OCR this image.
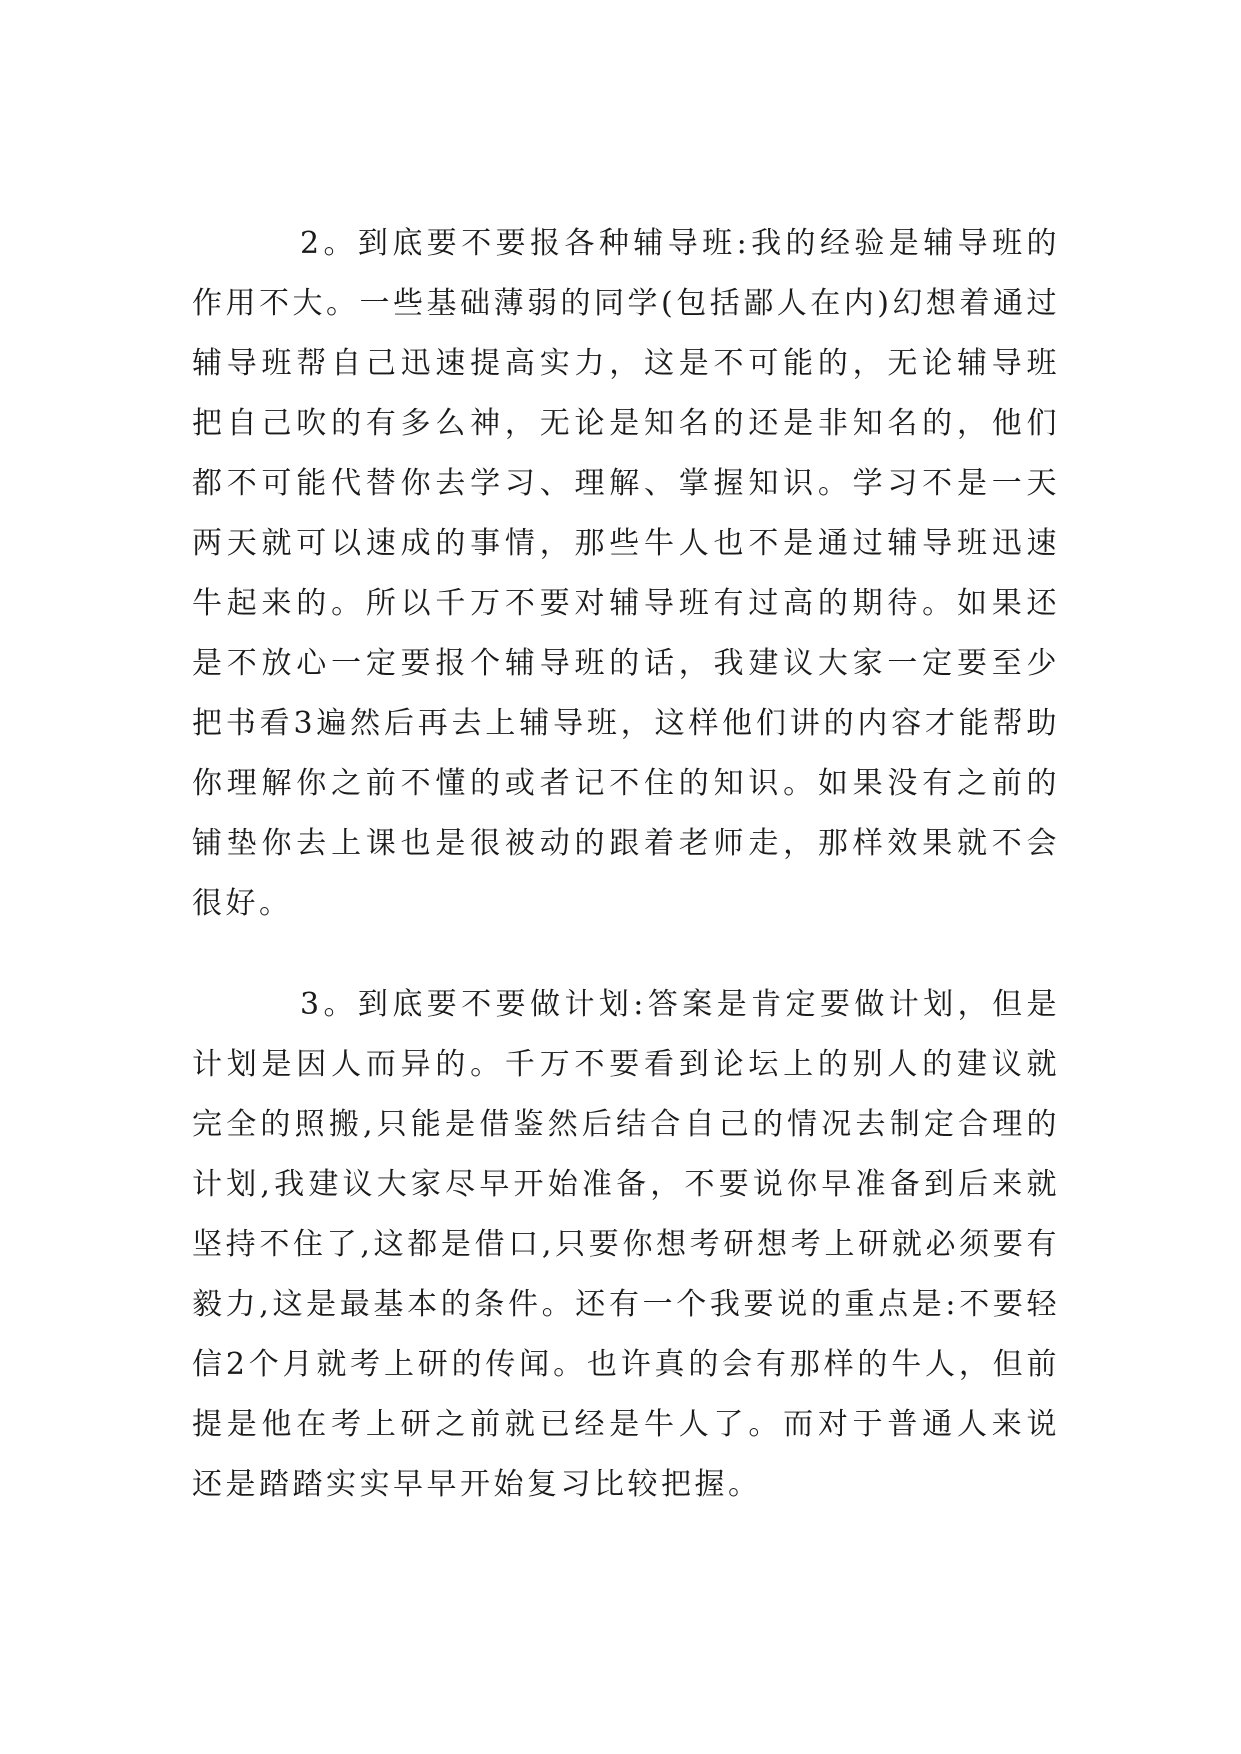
2。到底要不要报各种辅导班:我的经验是辅导班的作用不大。一些基础薄弱的同学(包括鄙人在内)幻想着通过辅导班帮自己迅速提高实力，这是不可能的，无论辅导班把自己吹的有多么神，无论是知名的还是非知名的，他们都不可能代替你去学习、理解、掌握知识。学习不是一天两天就可以速成的事情，那些牛人也不是通过辅导班迅速牛起来的。所以千万不要对辅导班有过高的期待。如果还是不放心一定要报个辅导班的话，我建议大家一定要至少把书看3遍然后再去上辅导班，这样他们讲的内容才能帮助你理解你之前不懂的或者记不住的知识。如果没有之前的铺垫你去上课也是很被动的跟着老师走，那样效果就不会很好。

3。到底要不要做计划:答案是肯定要做计划，但是计划是因人而异的。千万不要看到论坛上的别人的建议就完全的照搬,只能是借鉴然后结合自己的情况去制定合理的计划,我建议大家尽早开始准备，不要说你早准备到后来就坚持不住了,这都是借口,只要你想考研想考上研就必须要有毅力,这是最基本的条件。还有一个我要说的重点是:不要轻信2个月就考上研的传闻。也许真的会有那样的牛人，但前提是他在考上研之前就已经是牛人了。而对于普通人来说还是踏踏实实早早开始复习比较把握。
